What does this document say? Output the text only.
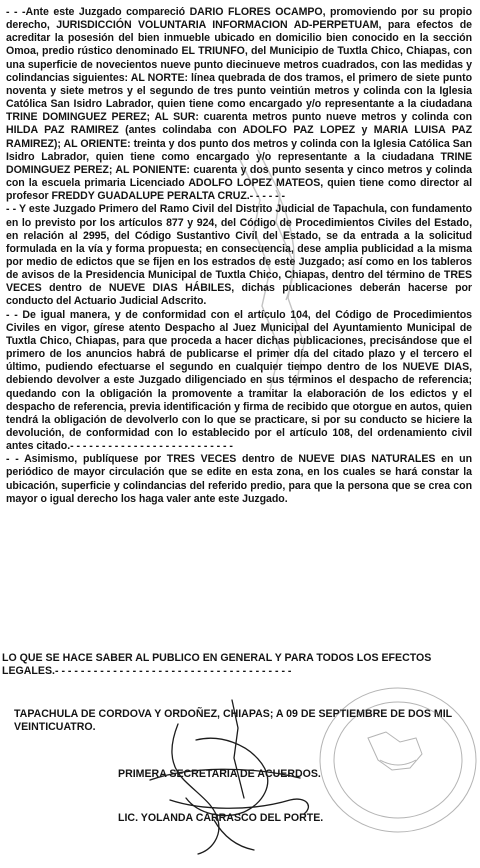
- - -Ante este Juzgado compareció DARIO FLORES OCAMPO, promoviendo por su propio derecho, JURISDICCIÓN VOLUNTARIA INFORMACION AD-PERPETUAM, para efectos de acreditar la posesión del bien inmueble ubicado en domicilio bien conocido en la sección Omoa, predio rústico denominado EL TRIUNFO, del Municipio de Tuxtla Chico, Chiapas, con una superficie de novecientos nueve punto diecinueve metros cuadrados, con las medidas y colindancias siguientes: AL NORTE: línea quebrada de dos tramos, el primero de siete punto noventa y siete metros y el segundo de tres punto veintiún metros y colinda con la Iglesia Católica San Isidro Labrador, quien tiene como encargado y/o representante a la ciudadana TRINE DOMINGUEZ PEREZ; AL SUR: cuarenta metros punto nueve metros y colinda con HILDA PAZ RAMIREZ (antes colindaba con ADOLFO PAZ LOPEZ y MARIA LUISA PAZ RAMIREZ); AL ORIENTE: treinta y dos punto dos metros y colinda con la Iglesia Católica San Isidro Labrador, quien tiene como encargado y/o representante a la ciudadana TRINE DOMINGUEZ PEREZ; AL PONIENTE: cuarenta y dos punto sesenta y cinco metros y colinda con la escuela primaria Licenciado ADOLFO LOPEZ MATEOS, quien tiene como director al profesor FREDDY GUADALUPE PERALTA CRUZ.- - - - - -

- - Y este Juzgado Primero del Ramo Civil del Distrito Judicial de Tapachula, con fundamento en lo previsto por los artículos 877 y 924, del Código de Procedimientos Civiles del Estado, en relación al 2995, del Código Sustantivo Civil del Estado, se da entrada a la solicitud formulada en la vía y forma propuesta; en consecuencia, dese amplia publicidad a la misma por medio de edictos que se fijen en los estrados de este Juzgado; así como en los tableros de avisos de la Presidencia Municipal de Tuxtla Chico, Chiapas, dentro del término de TRES VECES dentro de NUEVE DIAS HÁBILES, dichas publicaciones deberán hacerse por conducto del Actuario Judicial Adscrito.

- - De igual manera, y de conformidad con el artículo 104, del Código de Procedimientos Civiles en vigor, gírese atento Despacho al Juez Municipal del Ayuntamiento Municipal de Tuxtla Chico, Chiapas, para que proceda a hacer dichas publicaciones, precisándose que el primero de los anuncios habrá de publicarse el primer día del citado plazo y el tercero el último, pudiendo efectuarse el segundo en cualquier tiempo dentro de los NUEVE DIAS, debiendo devolver a este Juzgado diligenciado en sus términos el despacho de referencia; quedando con la obligación la promovente a tramitar la elaboración de los edictos y el despacho de referencia, previa identificación y firma de recibido que otorgue en autos, quien tendrá la obligación de devolverlo con lo que se practicare, si por su conducto se hiciere la devolución, de conformidad con lo establecido por el artículo 108, del ordenamiento civil antes citado.- - - - - - - - - - - - - - - - - - - - - - - - - -

- - Asimismo, publíquese por TRES VECES dentro de NUEVE DIAS NATURALES en un periódico de mayor circulación que se edite en esta zona, en los cuales se hará constar la ubicación, superficie y colindancias del referido predio, para que la persona que se crea con mayor o igual derecho los haga valer ante este Juzgado.

LO QUE SE HACE SABER AL PUBLICO EN GENERAL Y PARA TODOS LOS EFECTOS LEGALES.- - - - - - - - - - - - - - - - - - - - - - - - - - - - - - - - - - - - -

TAPACHULA DE CORDOVA Y ORDOÑEZ, CHIAPAS; A 09 DE SEPTIEMBRE DE DOS MIL VEINTICUATRO.
PRIMERA SECRETARIA DE ACUERDOS.
LIC. YOLANDA CARRASCO DEL PORTE.
